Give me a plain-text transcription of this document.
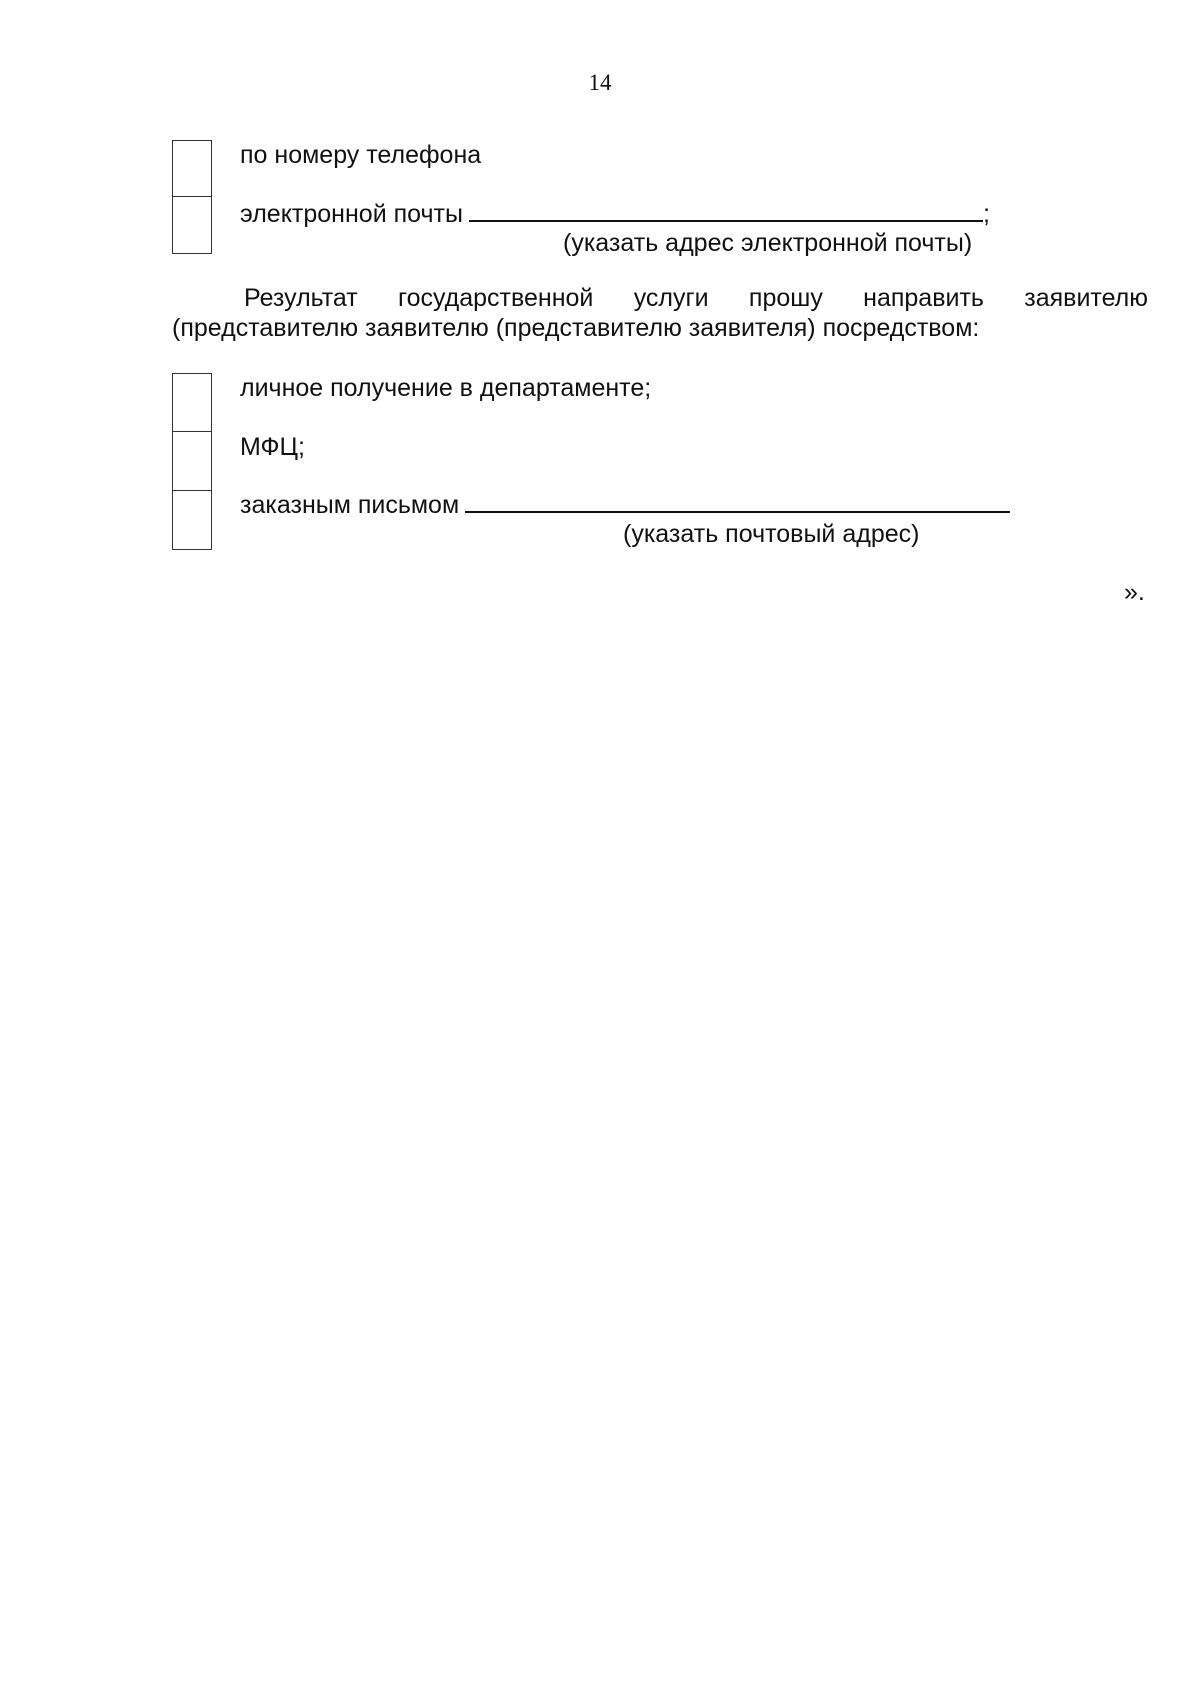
14
по номеру телефона
электронной почты	;
(указать адрес электронной почты)
Результат государственной услуги прошу направить заявителю
(представителю заявителю (представителю заявителя) посредством:
личное получение в департаменте;
МФЦ;
заказным письмом
(указать почтовый адрес)
».
